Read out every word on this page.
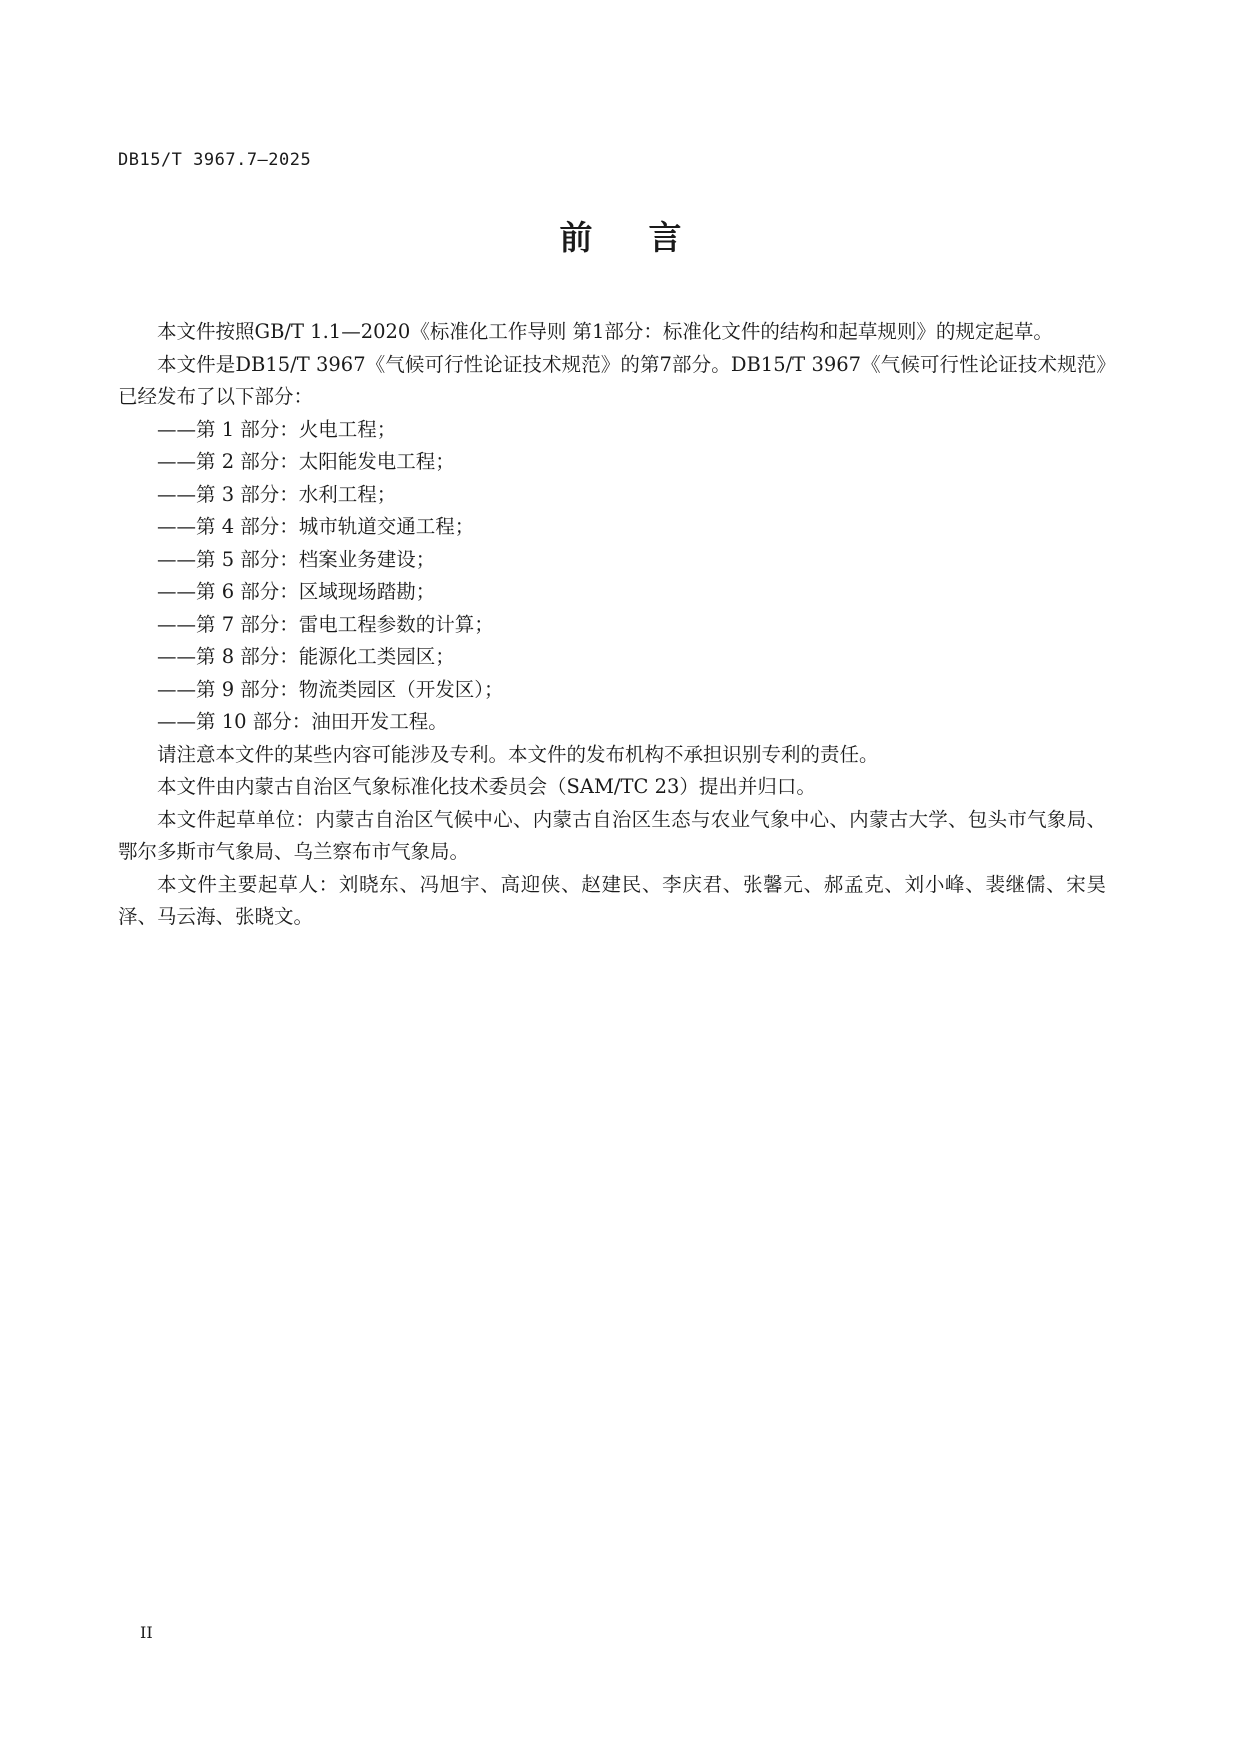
DB15/T 3967.7—2025
前言

本文件按照GB/T 1.1—2020《标准化工作导则 第1部分：标准化文件的结构和起草规则》的规定起草。

本文件是DB15/T 3967《气候可行性论证技术规范》的第7部分。DB15/T 3967《气候可行性论证技术规范》已经发布了以下部分：

——第 1 部分：火电工程；

——第 2 部分：太阳能发电工程；

——第 3 部分：水利工程；

——第 4 部分：城市轨道交通工程；

——第 5 部分：档案业务建设；

——第 6 部分：区域现场踏勘；

——第 7 部分：雷电工程参数的计算；

——第 8 部分：能源化工类园区；

——第 9 部分：物流类园区（开发区）；

——第 10 部分：油田开发工程。

请注意本文件的某些内容可能涉及专利。本文件的发布机构不承担识别专利的责任。

本文件由内蒙古自治区气象标准化技术委员会（SAM/TC 23）提出并归口。

本文件起草单位：内蒙古自治区气候中心、内蒙古自治区生态与农业气象中心、内蒙古大学、包头市气象局、鄂尔多斯市气象局、乌兰察布市气象局。

本文件主要起草人：刘晓东、冯旭宇、高迎侠、赵建民、李庆君、张馨元、郝孟克、刘小峰、裴继儒、宋昊泽、马云海、张晓文。

II
